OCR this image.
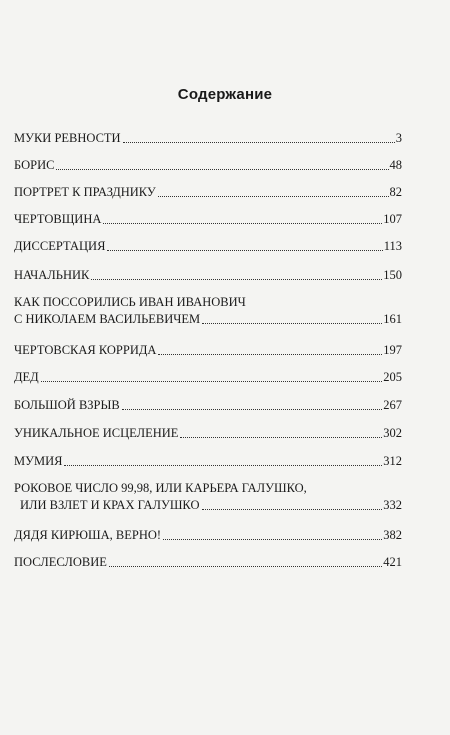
Содержание
МУКИ РЕВНОСТИ	3
БОРИС	48
ПОРТРЕТ К ПРАЗДНИКУ	82
ЧЕРТОВЩИНА	107
ДИССЕРТАЦИЯ	113
НАЧАЛЬНИК	150
КАК ПОССОРИЛИСЬ ИВАН ИВАНОВИЧ
С НИКОЛАЕМ ВАСИЛЬЕВИЧЕМ	161
ЧЕРТОВСКАЯ КОРРИДА	197
ДЕД	205
БОЛЬШОЙ ВЗРЫВ	267
УНИКАЛЬНОЕ ИСЦЕЛЕНИЕ	302
МУМИЯ	312
РОКОВОЕ ЧИСЛО 99,98, ИЛИ КАРЬЕРА ГАЛУШКО,
ИЛИ ВЗЛЕТ И КРАХ ГАЛУШКО	332
ДЯДЯ КИРЮША, ВЕРНО!	382
ПОСЛЕСЛОВИЕ	421
